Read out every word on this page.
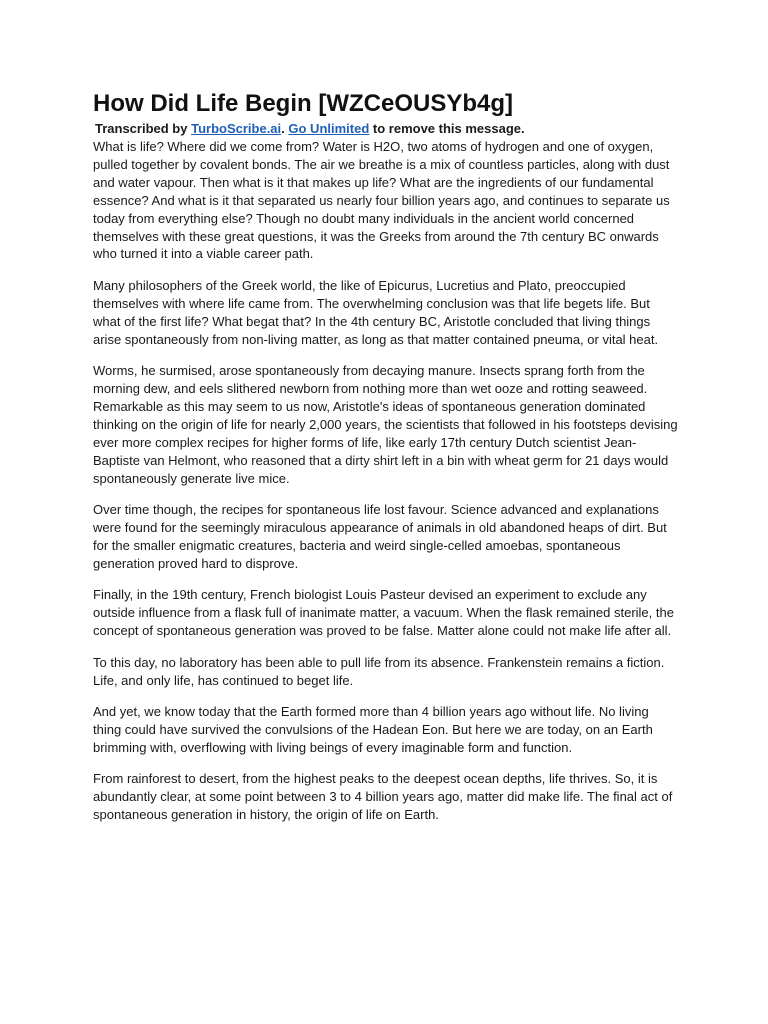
How Did Life Begin [WZCeOUSYb4g]

Transcribed by TurboScribe.ai. Go Unlimited to remove this message.

What is life? Where did we come from? Water is H2O, two atoms of hydrogen and one of oxygen, pulled together by covalent bonds. The air we breathe is a mix of countless particles, along with dust and water vapour. Then what is it that makes up life? What are the ingredients of our fundamental essence? And what is it that separated us nearly four billion years ago, and continues to separate us today from everything else? Though no doubt many individuals in the ancient world concerned themselves with these great questions, it was the Greeks from around the 7th century BC onwards who turned it into a viable career path.

Many philosophers of the Greek world, the like of Epicurus, Lucretius and Plato, preoccupied themselves with where life came from. The overwhelming conclusion was that life begets life. But what of the first life? What begat that? In the 4th century BC, Aristotle concluded that living things arise spontaneously from non-living matter, as long as that matter contained pneuma, or vital heat.

Worms, he surmised, arose spontaneously from decaying manure. Insects sprang forth from the morning dew, and eels slithered newborn from nothing more than wet ooze and rotting seaweed. Remarkable as this may seem to us now, Aristotle's ideas of spontaneous generation dominated thinking on the origin of life for nearly 2,000 years, the scientists that followed in his footsteps devising ever more complex recipes for higher forms of life, like early 17th century Dutch scientist Jean-Baptiste van Helmont, who reasoned that a dirty shirt left in a bin with wheat germ for 21 days would spontaneously generate live mice.

Over time though, the recipes for spontaneous life lost favour. Science advanced and explanations were found for the seemingly miraculous appearance of animals in old abandoned heaps of dirt. But for the smaller enigmatic creatures, bacteria and weird single-celled amoebas, spontaneous generation proved hard to disprove.

Finally, in the 19th century, French biologist Louis Pasteur devised an experiment to exclude any outside influence from a flask full of inanimate matter, a vacuum. When the flask remained sterile, the concept of spontaneous generation was proved to be false. Matter alone could not make life after all.

To this day, no laboratory has been able to pull life from its absence. Frankenstein remains a fiction. Life, and only life, has continued to beget life.

And yet, we know today that the Earth formed more than 4 billion years ago without life. No living thing could have survived the convulsions of the Hadean Eon. But here we are today, on an Earth brimming with, overflowing with living beings of every imaginable form and function.

From rainforest to desert, from the highest peaks to the deepest ocean depths, life thrives. So, it is abundantly clear, at some point between 3 to 4 billion years ago, matter did make life. The final act of spontaneous generation in history, the origin of life on Earth.
